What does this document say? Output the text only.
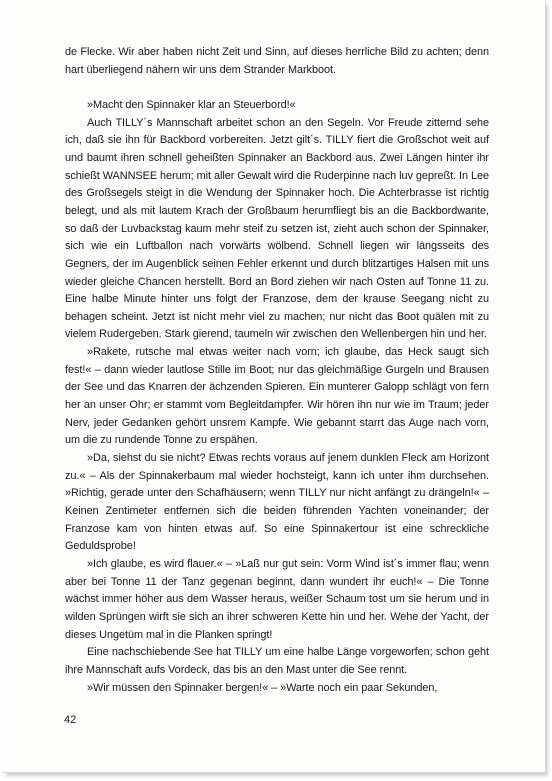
de Flecke. Wir aber haben nicht Zeit und Sinn, auf dieses herrliche Bild zu achten; denn hart überliegend nähern wir uns dem Strander Markboot.

»Macht den Spinnaker klar an Steuerbord!«

Auch TILLY´s Mannschaft arbeitet schon an den Segeln. Vor Freude zitternd sehe ich, daß sie ihn für Backbord vorbereiten. Jetzt gilt´s. TILLY fiert die Großschot weit auf und baumt ihren schnell geheißten Spinnaker an Backbord aus. Zwei Längen hinter ihr schießt WANNSEE herum; mit aller Gewalt wird die Ruderpinne nach luv gepreßt. In Lee des Großsegels steigt in die Wendung der Spinnaker hoch. Die Achterbrasse ist richtig belegt, und als mit lautem Krach der Großbaum herumfliegt bis an die Backbordwante, so daß der Luvbackstag kaum mehr steif zu setzen ist, zieht auch schon der Spinnaker, sich wie ein Luftballon nach vorwärts wölbend. Schnell liegen wir längsseits des Gegners, der im Augenblick seinen Fehler erkennt und durch blitzartiges Halsen mit uns wieder gleiche Chancen herstellt. Bord an Bord ziehen wir nach Osten auf Tonne 11 zu. Eine halbe Minute hinter uns folgt der Franzose, dem der krause Seegang nicht zu behagen scheint. Jetzt ist nicht mehr viel zu machen; nur nicht das Boot quälen mit zu vielem Rudergeben. Stark gierend, taumeln wir zwischen den Wellenbergen hin und her.

»Rakete, rutsche mal etwas weiter nach vorn; ich glaube, das Heck saugt sich fest!« – dann wieder lautlose Stille im Boot; nur das gleichmäßige Gurgeln und Brausen der See und das Knarren der ächzenden Spieren. Ein munterer Galopp schlägt von fern her an unser Ohr; er stammt vom Begleitdampfer. Wir hören ihn nur wie im Traum; jeder Nerv, jeder Gedanken gehört unsrem Kampfe. Wie gebannt starrt das Auge nach vorn, um die zu rundende Tonne zu erspähen.

»Da, siehst du sie nicht? Etwas rechts voraus auf jenem dunklen Fleck am Horizont zu.« – Als der Spinnakerbaum mal wieder hochsteigt, kann ich unter ihm durchsehen. »Richtig, gerade unter den Schafhäusern; wenn TILLY nur nicht anfängt zu drängeln!« – Keinen Zentimeter entfernen sich die beiden führenden Yachten voneinander; der Franzose kam von hinten etwas auf. So eine Spinnakertour ist eine schreckliche Geduldsprobe!

»Ich glaube, es wird flauer.« – »Laß nur gut sein: Vorm Wind ist´s immer flau; wenn aber bei Tonne 11 der Tanz gegenan beginnt, dann wundert ihr euch!« – Die Tonne wächst immer höher aus dem Wasser heraus, weißer Schaum tost um sie herum und in wilden Sprüngen wirft sie sich an ihrer schweren Kette hin und her. Wehe der Yacht, der dieses Ungetüm mal in die Planken springt!

Eine nachschiebende See hat TILLY um eine halbe Länge vorgeworfen; schon geht ihre Mannschaft aufs Vordeck, das bis an den Mast unter die See rennt.

»Wir müssen den Spinnaker bergen!« – »Warte noch ein paar Sekunden,

42
